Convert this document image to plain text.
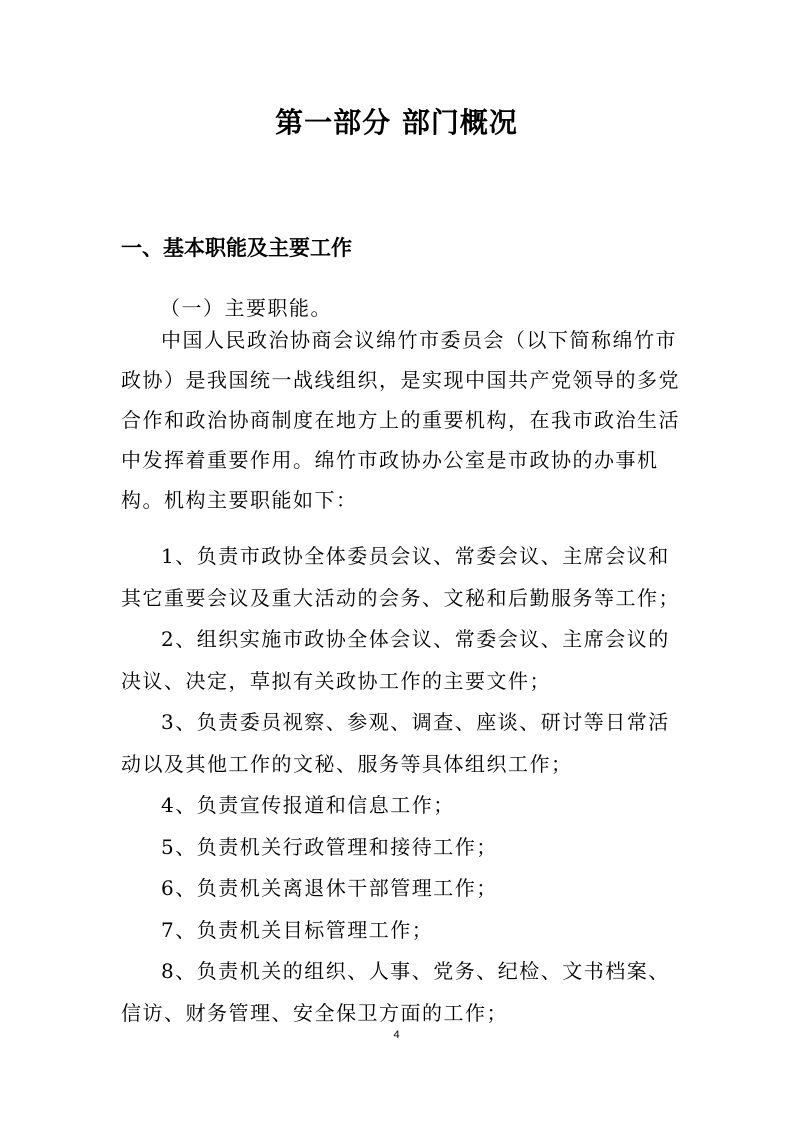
第一部分 部门概况
一、基本职能及主要工作
（一）主要职能。
中国人民政治协商会议绵竹市委员会（以下简称绵竹市
政协）是我国统一战线组织，是实现中国共产党领导的多党
合作和政治协商制度在地方上的重要机构，在我市政治生活
中发挥着重要作用。绵竹市政协办公室是市政协的办事机
构。机构主要职能如下：
1、负责市政协全体委员会议、常委会议、主席会议和
其它重要会议及重大活动的会务、文秘和后勤服务等工作；
2、组织实施市政协全体会议、常委会议、主席会议的
决议、决定，草拟有关政协工作的主要文件；
3、负责委员视察、参观、调查、座谈、研讨等日常活
动以及其他工作的文秘、服务等具体组织工作；
4、负责宣传报道和信息工作；
5、负责机关行政管理和接待工作；
6、负责机关离退休干部管理工作；
7、负责机关目标管理工作；
8、负责机关的组织、人事、党务、纪检、文书档案、
信访、财务管理、安全保卫方面的工作；
4
